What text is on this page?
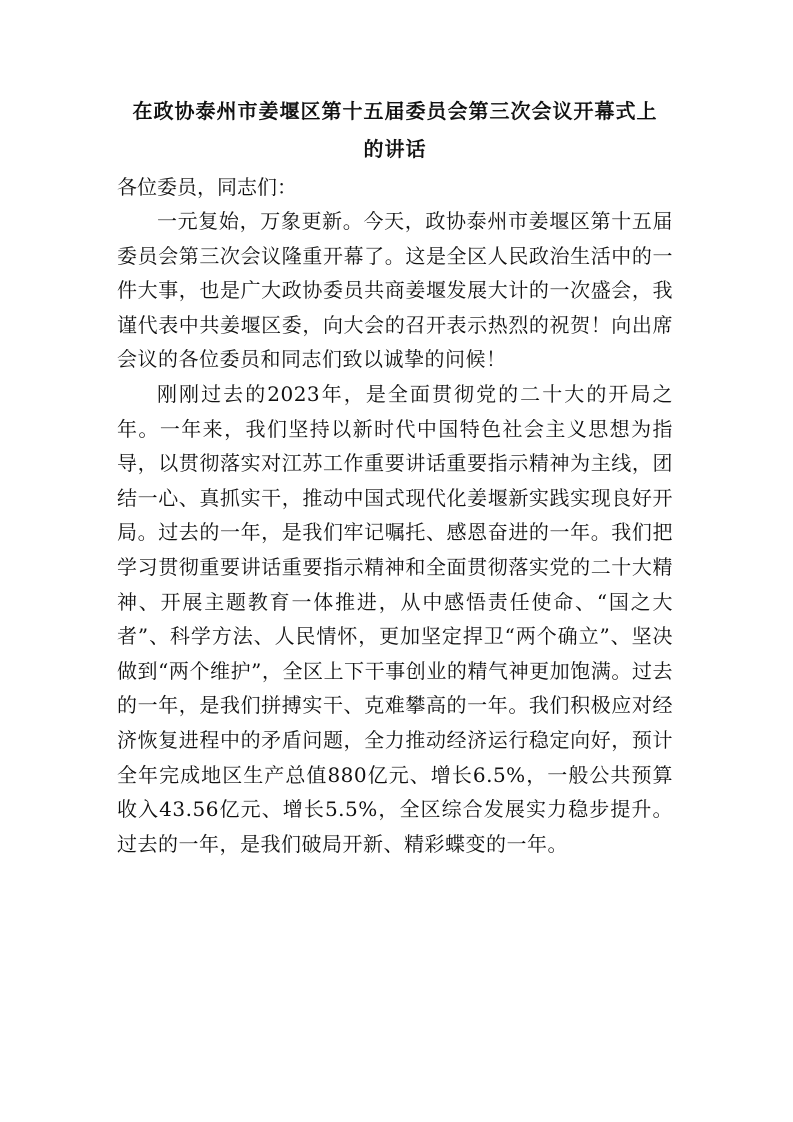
在政协泰州市姜堰区第十五届委员会第三次会议开幕式上
的讲话

各位委员，同志们：

一元复始，万象更新。今天，政协泰州市姜堰区第十五届委员会第三次会议隆重开幕了。这是全区人民政治生活中的一件大事，也是广大政协委员共商姜堰发展大计的一次盛会，我谨代表中共姜堰区委，向大会的召开表示热烈的祝贺！向出席会议的各位委员和同志们致以诚挚的问候！

刚刚过去的2023年，是全面贯彻党的二十大的开局之年。一年来，我们坚持以新时代中国特色社会主义思想为指导，以贯彻落实对江苏工作重要讲话重要指示精神为主线，团结一心、真抓实干，推动中国式现代化姜堰新实践实现良好开局。过去的一年，是我们牢记嘱托、感恩奋进的一年。我们把学习贯彻重要讲话重要指示精神和全面贯彻落实党的二十大精神、开展主题教育一体推进，从中感悟责任使命、“国之大者”、科学方法、人民情怀，更加坚定捍卫“两个确立”、坚决做到“两个维护”，全区上下干事创业的精气神更加饱满。过去的一年，是我们拼搏实干、克难攀高的一年。我们积极应对经济恢复进程中的矛盾问题，全力推动经济运行稳定向好，预计全年完成地区生产总值880亿元、增长6.5%，一般公共预算收入43.56亿元、增长5.5%，全区综合发展实力稳步提升。过去的一年，是我们破局开新、精彩蝶变的一年。
